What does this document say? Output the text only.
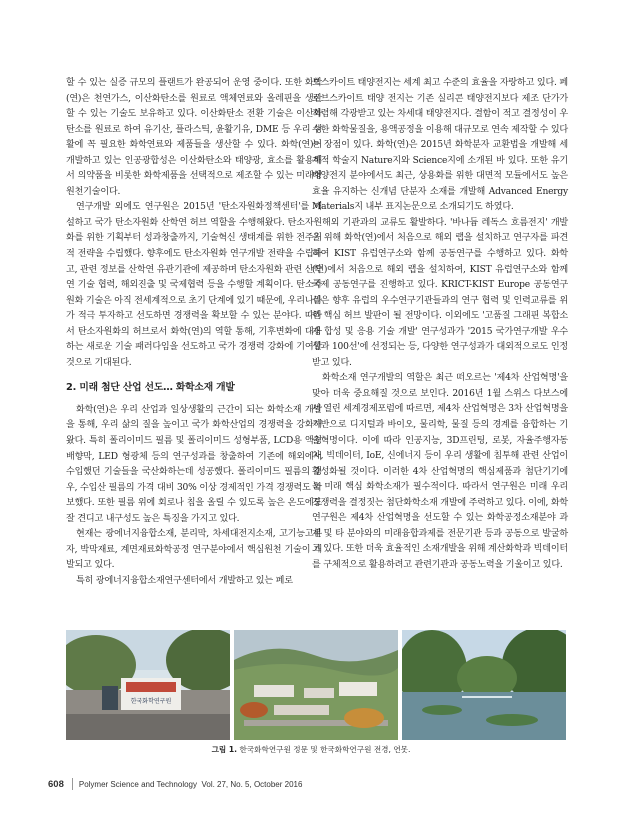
할 수 있는 실증 규모의 플랜트가 완공되어 운영 중이다. 또한 화학(연)은 천연가스, 이산화탄소를 원료로 액체연료와 올레핀을 생산할 수 있는 기술도 보유하고 있다. 이산화탄소 전환 기술은 이산화탄소를 원료로 하여 유기산, 플라스틱, 윤활기유, DME 등 우리 생활에 꼭 필요한 화학연료와 제품들을 생산할 수 있다. 화학(연)이 개발하고 있는 인공광합성은 이산화탄소와 태양광, 효소를 활용해서 의약품을 비롯한 화학제품을 선택적으로 제조할 수 있는 미래형 원천기술이다.

연구개발 외에도 연구원은 2015년 '탄소자원화정책센터'를 개설하고 국가 탄소자원화 산학연 허브 역할을 수행해왔다. 탄소자원화를 위한 기획부터 성과창출까지, 기술혁신 생태계를 위한 전주기적 전략을 수립했다. 향후에도 탄소자원화 연구개발 전략을 수립하고, 관련 정보를 산학연 유관기관에 제공하며 탄소자원화 관련 산학연 기술 협력, 해외진출 및 국제협력 등을 수행할 계획이다. 탄소자원화 기술은 아직 전세계적으로 초기 단계에 있기 때문에, 우리나라가 적극 투자하고 선도하면 경쟁력을 확보할 수 있는 분야다. 따라서 탄소자원화의 허브로서 화학(연)의 역할 통해, 기후변화에 대응하는 새로운 기술 패러다임을 선도하고 국가 경쟁력 강화에 기여할 것으로 기대된다.

2. 미래 첨단 산업 선도… 화학소재 개발

화학(연)은 우리 산업과 일상생활의 근간이 되는 화학소재 개발을 통해, 우리 삶의 질을 높이고 국가 화학산업의 경쟁력을 강화해왔다. 특히 폴리이미드 필름 및 폴리이미드 성형부품, LCD용 액정 배향막, LED 형광체 등의 연구성과를 창출하여 기존에 해외에서 수입했던 기술들을 국산화하는데 성공했다. 폴리이미드 필름의 경우, 수입산 필름의 가격 대비 30% 이상 경제적인 가격 경쟁력도 확보했다. 또한 필름 위에 회로나 칩을 올릴 수 있도록 높은 온도에도 잘 견디고 내구성도 높은 특징을 가지고 있다.

현재는 광에너지융합소재, 분리막, 차세대전지소재, 고기능고분자, 박막재료, 계면재료화학공정 연구분야에서 핵심원천 기술이 개발되고 있다.

특히 광에너지융합소재연구센터에서 개발하고 있는 페로

브스카이트 태양전지는 세계 최고 수준의 효율을 자랑하고 있다. 페로브스카이트 태양 전지는 기존 실리콘 태양전지보다 제조 단가가 저렴해 각광받고 있는 차세대 태양전지다. 결함이 적고 결정성이 우수한 화학물질을, 용액공정을 이용해 대규모로 연속 제작할 수 있다는 장점이 있다. 화학(연)은 2015년 화학분자 교환법을 개발해 세계적 학술지 Nature지와 Science지에 소개된 바 있다. 또한 유기태양전지 분야에서도 최근, 상용화를 위한 대면적 모듈에서도 높은 효율 유지하는 신개념 단분자 소재를 개발해 Advanced Energy Materials지 내부 표지논문으로 소개되기도 하였다.

해외 기관과의 교류도 활발하다. '바나듐 레독스 흐름전지' 개발을 위해 화학(연)에서 처음으로 해외 랩을 설치하고 연구자를 파견하여 KIST 유럽연구소와 함께 공동연구를 수행하고 있다. 화학(연)에서 처음으로 해외 랩을 설치하여, KIST 유럽연구소와 함께 국제 공동연구를 진행하고 있다. KRICT-KIST Europe 공동연구실은 향후 유럽의 우수연구기관들과의 연구 협력 및 인력교류를 위한 핵심 허브 발판이 될 전망이다. 이외에도 '고품질 그래핀 복합소재 합성 및 응용 기술 개발' 연구성과가 '2015 국가연구개발 우수성과 100선'에 선정되는 등, 다양한 연구성과가 대외적으로도 인정받고 있다.

화학소재 연구개발의 역할은 최근 떠오르는 '제4차 산업혁명'을 맞아 더욱 중요해질 것으로 보인다. 2016년 1월 스위스 다보스에서 열린 세계경제포럼에 따르면, 제4차 산업혁명은 3차 산업혁명을 기반으로 디지털과 바이오, 물리학, 물질 등의 경계를 융합하는 기술혁명이다. 이에 따라 인공지능, 3D프린팅, 로봇, 자율주행자동차, 빅데이터, IoE, 신에너지 등이 우리 생활에 침투해 관련 산업이 활성화될 것이다. 이러한 4차 산업혁명의 핵심제품과 첨단기기에는 미래 핵심 화학소재가 필수적이다. 따라서 연구원은 미래 우리 경쟁력을 결정짓는 첨단화학소재 개발에 주력하고 있다. 이에, 화학연구원은 제4차 산업혁명을 선도할 수 있는 화학공정소재분야 과제 및 타 분야와의 미래융합과제를 전문기관 등과 공동으로 발굴하고 있다. 또한 더욱 효율적인 소재개발을 위해 계산화학과 빅데이터를 구체적으로 활용하려고 관련기관과 공동노력을 기울이고 있다.

한국화학연구원
그림 1. 한국화학연구원 정문 및 한국화학연구원 전경, 연못.
608 Polymer Science and Technology
Vol. 27, No. 5, October 2016
